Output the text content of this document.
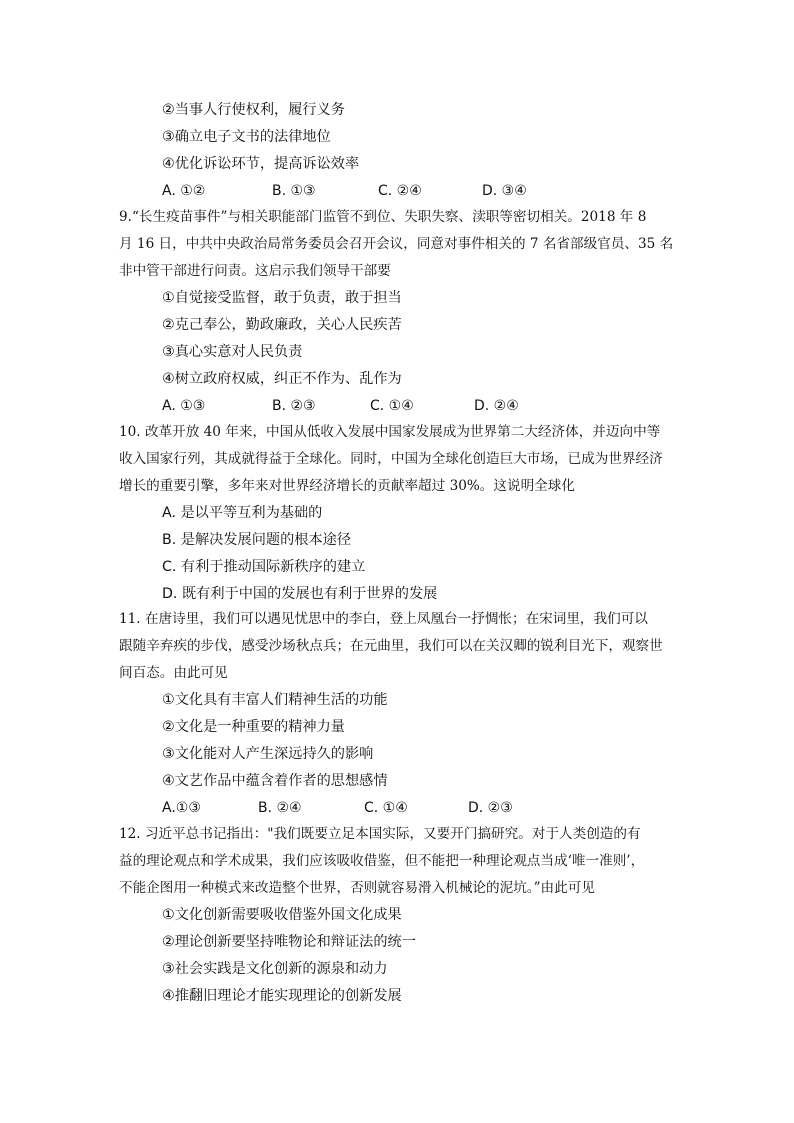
②当事人行使权利，履行义务
③确立电子文书的法律地位
④优化诉讼环节，提高诉讼效率
A. ①②	B. ①③	C. ②④	D. ③④
9.“长生疫苗事件”与相关职能部门监管不到位、失职失察、渎职等密切相关。2018 年 8
月 16 日，中共中央政治局常务委员会召开会议，同意对事件相关的 7 名省部级官员、35 名
非中管干部进行问责。这启示我们领导干部要
①自觉接受监督，敢于负责，敢于担当
②克己奉公，勤政廉政，关心人民疾苦
③真心实意对人民负责
④树立政府权威，纠正不作为、乱作为
A. ①③	B. ②③	C. ①④	D. ②④
10. 改革开放 40 年来，中国从低收入发展中国家发展成为世界第二大经济体，并迈向中等
收入国家行列，其成就得益于全球化。同时，中国为全球化创造巨大市场，已成为世界经济
增长的重要引擎，多年来对世界经济增长的贡献率超过 30%。这说明全球化
A. 是以平等互利为基础的
B. 是解决发展问题的根本途径
C. 有利于推动国际新秩序的建立
D. 既有利于中国的发展也有利于世界的发展
11. 在唐诗里，我们可以遇见忧思中的李白，登上凤凰台一抒惆怅；在宋词里，我们可以
跟随辛弃疾的步伐，感受沙场秋点兵；在元曲里，我们可以在关汉卿的锐利目光下，观察世
间百态。由此可见
①文化具有丰富人们精神生活的功能
②文化是一种重要的精神力量
③文化能对人产生深远持久的影响
④文艺作品中蕴含着作者的思想感情
A.①③	B. ②④	C. ①④	D. ②③
12. 习近平总书记指出："我们既要立足本国实际，又要开门搞研究。对于人类创造的有
益的理论观点和学术成果，我们应该吸收借鉴，但不能把一种理论观点当成‘唯一准则’，
不能企图用一种模式来改造整个世界，否则就容易滑入机械论的泥坑。”由此可见
①文化创新需要吸收借鉴外国文化成果
②理论创新要坚持唯物论和辩证法的统一
③社会实践是文化创新的源泉和动力
④推翻旧理论才能实现理论的创新发展
